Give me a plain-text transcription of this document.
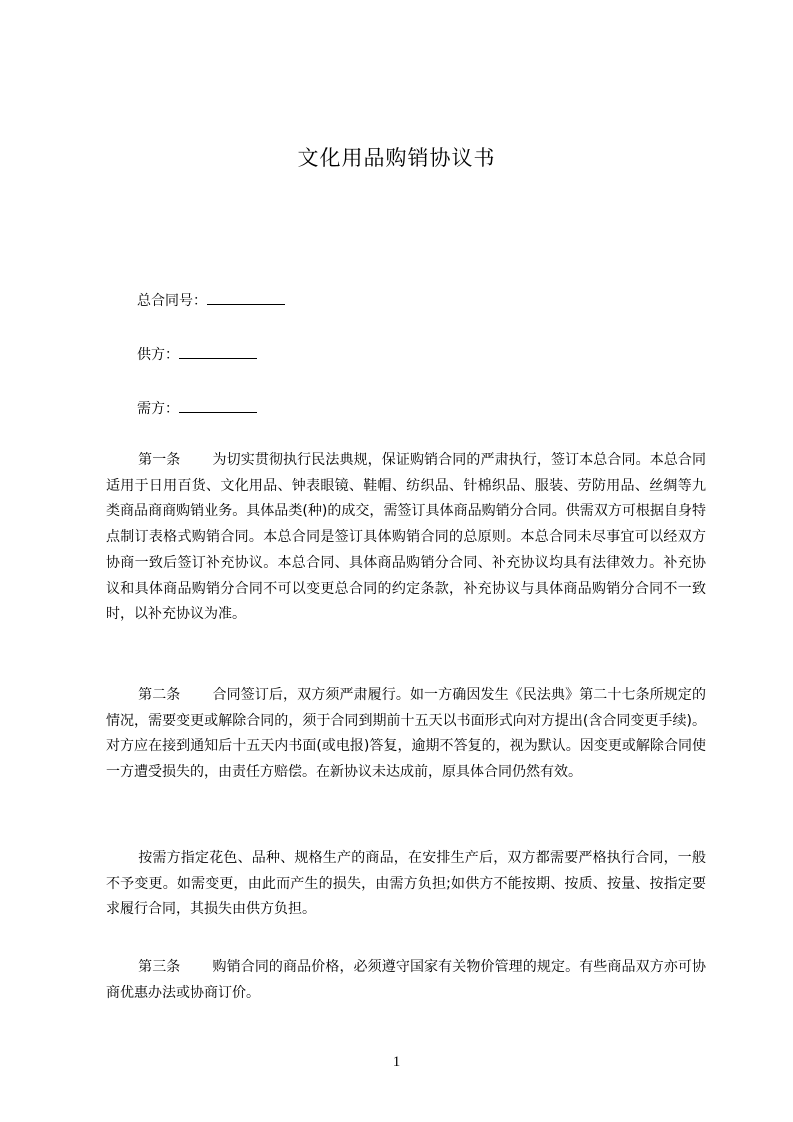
文化用品购销协议书
总合同号：
供方：
需方：
第一条 为切实贯彻执行民法典规，保证购销合同的严肃执行，签订本总合同。本总合同适用于日用百货、文化用品、钟表眼镜、鞋帽、纺织品、针棉织品、服装、劳防用品、丝绸等九类商品商商购销业务。具体品类(种)的成交，需签订具体商品购销分合同。供需双方可根据自身特点制订表格式购销合同。本总合同是签订具体购销合同的总原则。本总合同未尽事宜可以经双方协商一致后签订补充协议。本总合同、具体商品购销分合同、补充协议均具有法律效力。补充协议和具体商品购销分合同不可以变更总合同的约定条款，补充协议与具体商品购销分合同不一致时，以补充协议为准。
第二条 合同签订后，双方须严肃履行。如一方确因发生《民法典》第二十七条所规定的情况，需要变更或解除合同的，须于合同到期前十五天以书面形式向对方提出(含合同变更手续)。对方应在接到通知后十五天内书面(或电报)答复，逾期不答复的，视为默认。因变更或解除合同使一方遭受损失的，由责任方赔偿。在新协议未达成前，原具体合同仍然有效。
按需方指定花色、品种、规格生产的商品，在安排生产后，双方都需要严格执行合同，一般不予变更。如需变更，由此而产生的损失，由需方负担;如供方不能按期、按质、按量、按指定要求履行合同，其损失由供方负担。
第三条 购销合同的商品价格，必须遵守国家有关物价管理的规定。有些商品双方亦可协商优惠办法或协商订价。
1
